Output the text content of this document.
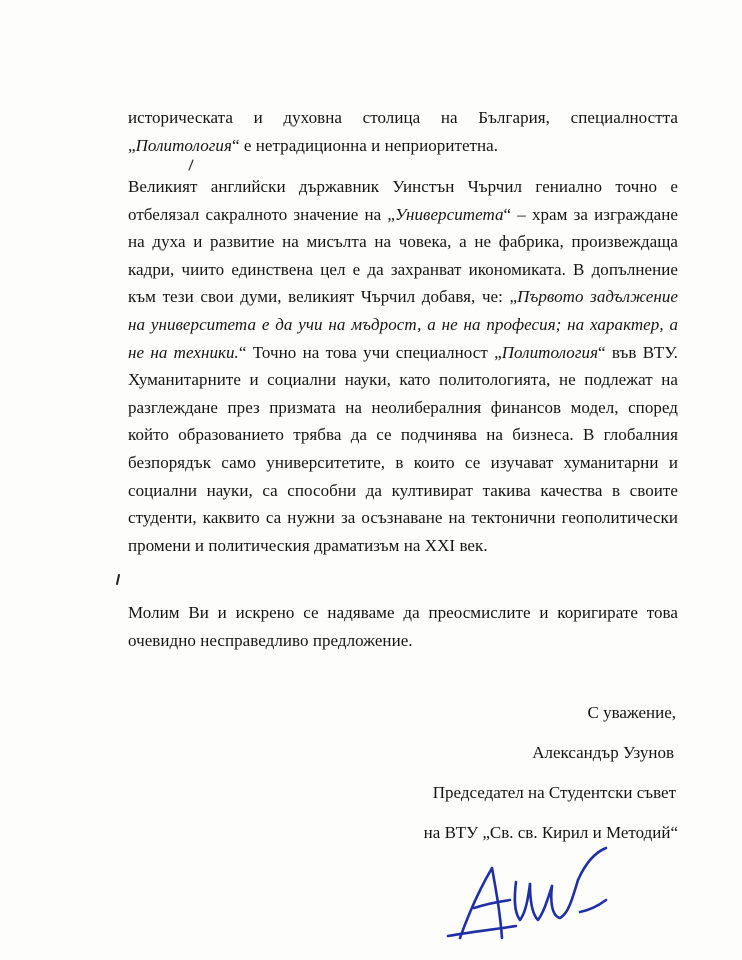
историческата и духовна столица на България, специалността „Политология“ е нетрадиционна и неприоритетна.

Великият английски държавник Уинстън Чърчил гениално точно е отбелязал сакралното значение на „Университета“ – храм за изграждане на духа и развитие на мисълта на човека, а не фабрика, произвеждаща кадри, чиито единствена цел е да захранват икономиката. В допълнение към тези свои думи, великият Чърчил добавя, че: „Първото задължение на университета е да учи на мъдрост, а не на професия; на характер, а не на техники.“ Точно на това учи специалност „Политология“ във ВТУ. Хуманитарните и социални науки, като политологията, не подлежат на разглеждане през призмата на неолибералния финансов модел, според който образованието трябва да се подчинява на бизнеса. В глобалния безпорядък само университетите, в които се изучават хуманитарни и социални науки, са способни да култивират такива качества в своите студенти, каквито са нужни за осъзнаване на тектонични геополитически промени и политическия драматизъм на XXI век.

Молим Ви и искрено се надяваме да преосмислите и коригирате това очевидно несправедливо предложение.

С уважение,
Александър Узунов
Председател на Студентски съвет
на ВТУ „Св. св. Кирил и Методий“
